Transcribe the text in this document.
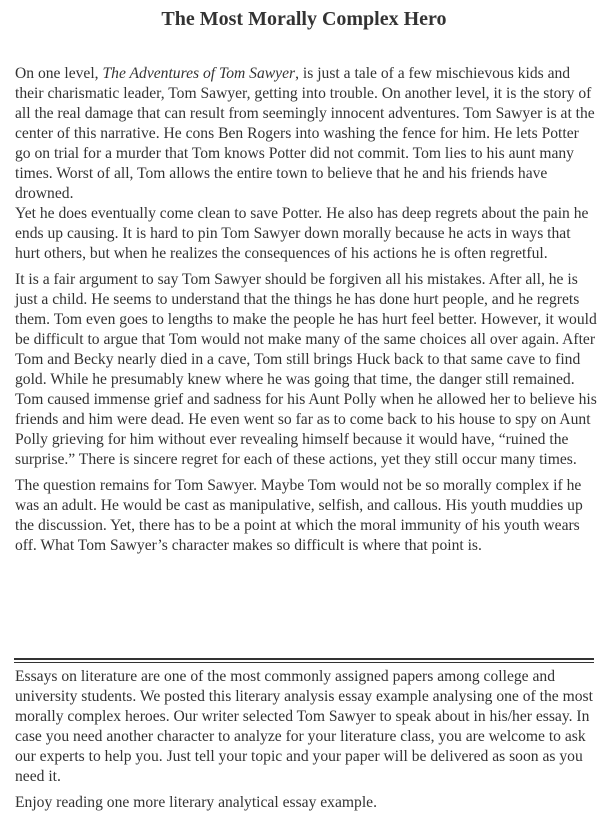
The Most Morally Complex Hero

On one level, The Adventures of Tom Sawyer, is just a tale of a few mischievous kids and their charismatic leader, Tom Sawyer, getting into trouble. On another level, it is the story of all the real damage that can result from seemingly innocent adventures. Tom Sawyer is at the center of this narrative. He cons Ben Rogers into washing the fence for him. He lets Potter go on trial for a murder that Tom knows Potter did not commit. Tom lies to his aunt many times. Worst of all, Tom allows the entire town to believe that he and his friends have drowned.

Yet he does eventually come clean to save Potter. He also has deep regrets about the pain he ends up causing. It is hard to pin Tom Sawyer down morally because he acts in ways that hurt others, but when he realizes the consequences of his actions he is often regretful.

It is a fair argument to say Tom Sawyer should be forgiven all his mistakes. After all, he is just a child. He seems to understand that the things he has done hurt people, and he regrets them. Tom even goes to lengths to make the people he has hurt feel better. However, it would be difficult to argue that Tom would not make many of the same choices all over again. After Tom and Becky nearly died in a cave, Tom still brings Huck back to that same cave to find gold. While he presumably knew where he was going that time, the danger still remained. Tom caused immense grief and sadness for his Aunt Polly when he allowed her to believe his friends and him were dead. He even went so far as to come back to his house to spy on Aunt Polly grieving for him without ever revealing himself because it would have, “ruined the surprise.” There is sincere regret for each of these actions, yet they still occur many times.

The question remains for Tom Sawyer. Maybe Tom would not be so morally complex if he was an adult. He would be cast as manipulative, selfish, and callous. His youth muddies up the discussion. Yet, there has to be a point at which the moral immunity of his youth wears off. What Tom Sawyer’s character makes so difficult is where that point is.

Essays on literature are one of the most commonly assigned papers among college and university students. We posted this literary analysis essay example analysing one of the most morally complex heroes. Our writer selected Tom Sawyer to speak about in his/her essay. In case you need another character to analyze for your literature class, you are welcome to ask our experts to help you. Just tell your topic and your paper will be delivered as soon as you need it.

Enjoy reading one more literary analytical essay example.
